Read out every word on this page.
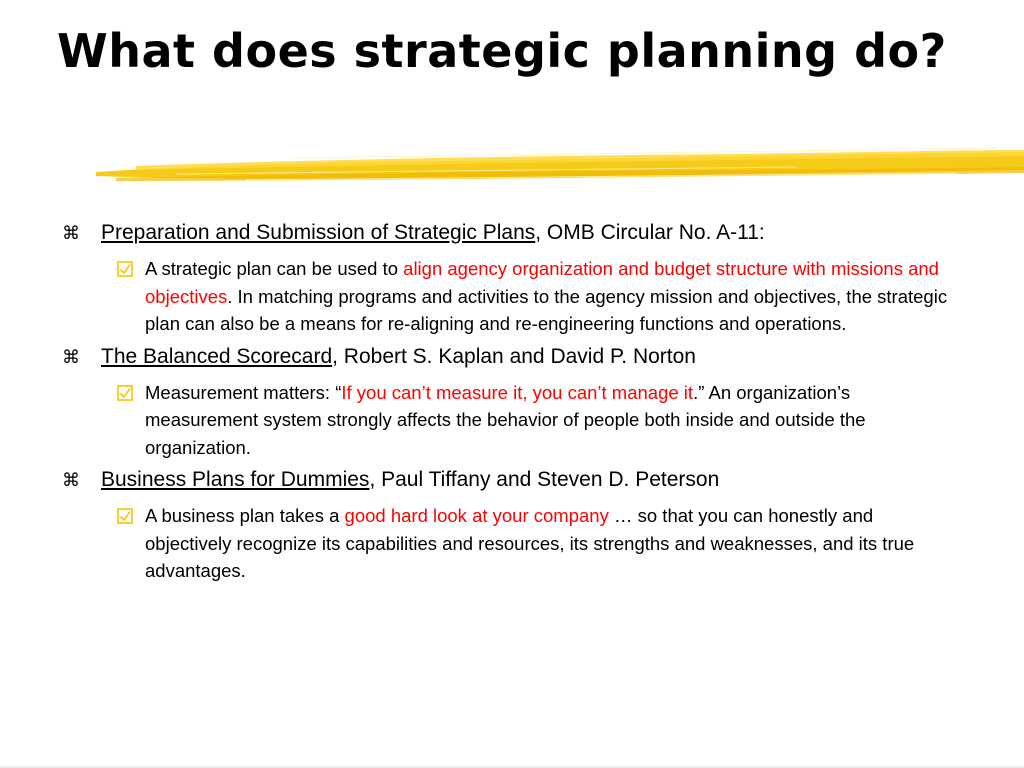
What does strategic planning do?
⌘ Preparation and Submission of Strategic Plans, OMB Circular No. A-11:
A strategic plan can be used to align agency organization and budget structure with missions and objectives. In matching programs and activities to the agency mission and objectives, the strategic plan can also be a means for re-aligning and re-engineering functions and operations.
⌘ The Balanced Scorecard, Robert S. Kaplan and David P. Norton
Measurement matters: “If you can’t measure it, you can’t manage it.” An organization’s measurement system strongly affects the behavior of people both inside and outside the organization.
⌘ Business Plans for Dummies, Paul Tiffany and Steven D. Peterson
A business plan takes a good hard look at your company … so that you can honestly and objectively recognize its capabilities and resources, its strengths and weaknesses, and its true advantages.
